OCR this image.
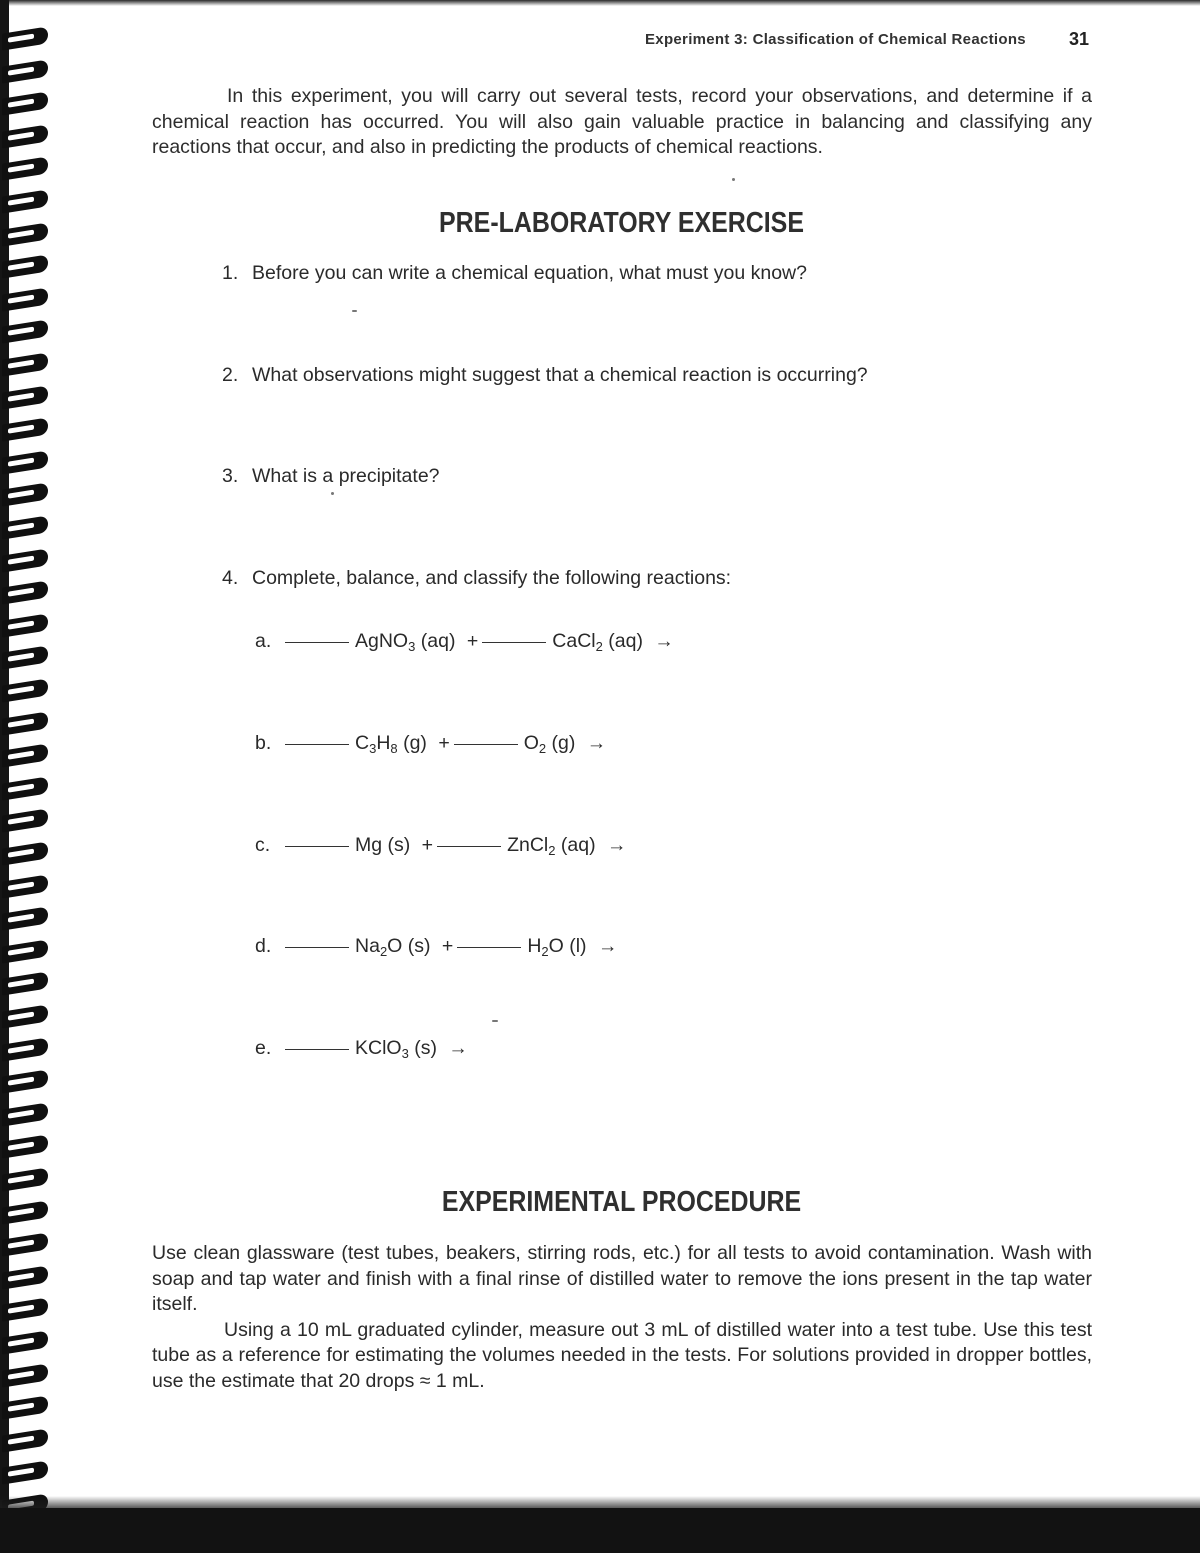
Experiment 3: Classification of Chemical Reactions 31
In this experiment, you will carry out several tests, record your observations, and determine if a chemical reaction has occurred. You will also gain valuable practice in balancing and classifying any reactions that occur, and also in predicting the products of chemical reactions.
PRE-LABORATORY EXERCISE
1. Before you can write a chemical equation, what must you know?
2. What observations might suggest that a chemical reaction is occurring?
3. What is a precipitate?
4. Complete, balance, and classify the following reactions:
a.	AgNO$_3$ (aq) +	CaCl$_2$ (aq) →
b.	$C_3H_8$ (g) +	$O_2$ (g) →
c.	Mg (s) +	ZnCl$_2$ (aq) →
d.	$Na_2O$ (s) +	$H_2O$ (l) →
e.	KClO$_3$ (s) →
EXPERIMENTAL PROCEDURE

Use clean glassware (test tubes, beakers, stirring rods, etc.) for all tests to avoid contamination. Wash with soap and tap water and finish with a final rinse of distilled water to remove the ions present in the tap water itself.

Using a 10 mL graduated cylinder, measure out 3 mL of distilled water into a test tube. Use this test tube as a reference for estimating the volumes needed in the tests. For solutions provided in dropper bottles, use the estimate that 20 drops ≈ 1 mL.
